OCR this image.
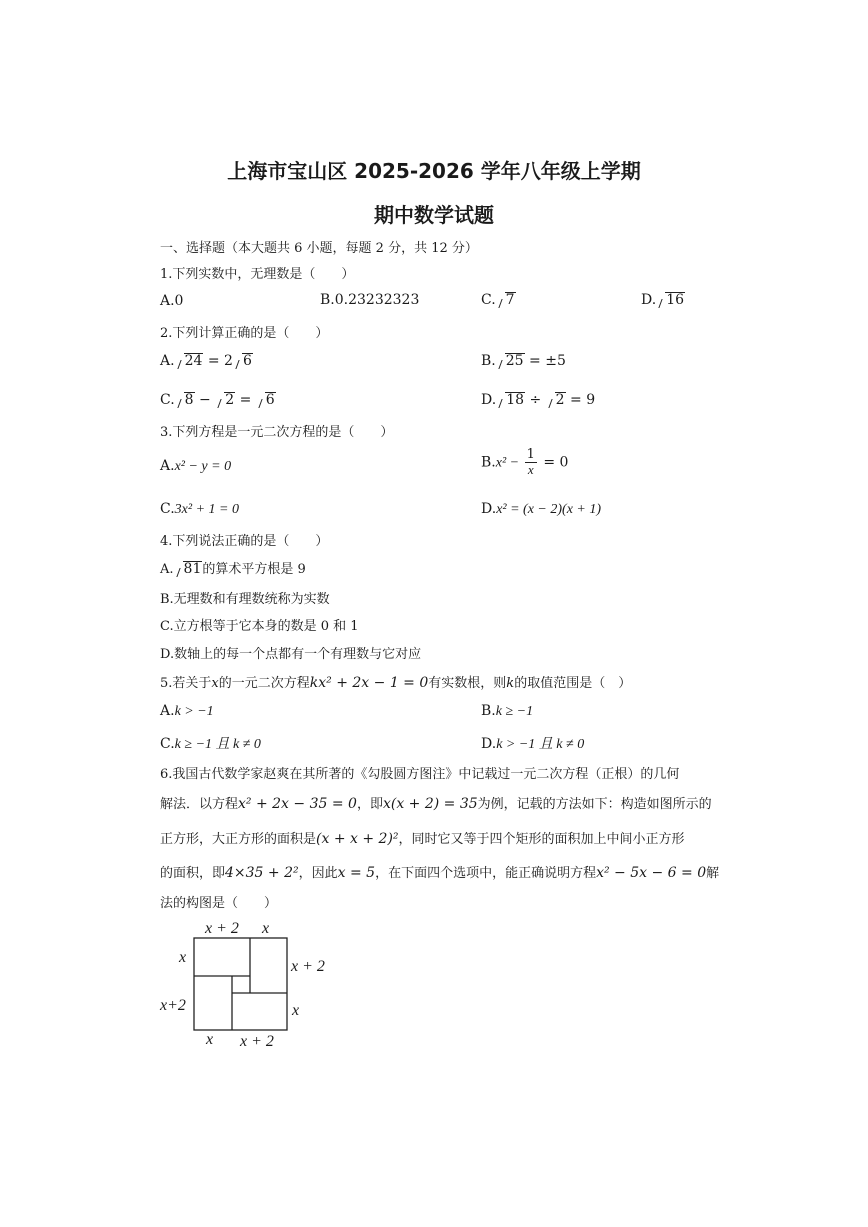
上海市宝山区 2025-2026 学年八年级上学期
期中数学试题
一、选择题（本大题共 6 小题，每题 2 分，共 12 分）
1.下列实数中，无理数是（　　）
A.0	B.0.23232323	C. 7	D. 16
2.下列计算正确的是（　　）
A. 24 = 2 6	B. 25 = ±5
C. 8 − 2 = 6	D. 18 ÷ 2 = 9
3.下列方程是一元二次方程的是（　　）
A.x² − y = 0	$B.x^2 - \frac{1}{x} = 0$
C.3x² + 1 = 0	D.x² = (x − 2)(x + 1)
4.下列说法正确的是（　　）
A. 81的算术平方根是 9
B.无理数和有理数统称为实数
C.立方根等于它本身的数是 0 和 1
D.数轴上的每一个点都有一个有理数与它对应
5.若关于x的一元二次方程kx² + 2x − 1 = 0有实数根，则k的取值范围是（　）
A.k > −1	B.k ≥ −1
C.k ≥ −1 且 k ≠ 0	D.k > −1 且 k ≠ 0
6.我国古代数学家赵爽在其所著的《勾股圆方图注》中记载过一元二次方程（正根）的几何
解法．以方程x² + 2x − 35 = 0，即x(x + 2) = 35为例，记载的方法如下：构造如图所示的
正方形，大正方形的面积是(x + x + 2)²，同时它又等于四个矩形的面积加上中间小正方形
的面积，即4×35 + 2²，因此x = 5，在下面四个选项中，能正确说明方程x² − 5x − 6 = 0解
法的构图是（　　）
x + 2 x
x
x+2
x + 2
x
x x + 2
